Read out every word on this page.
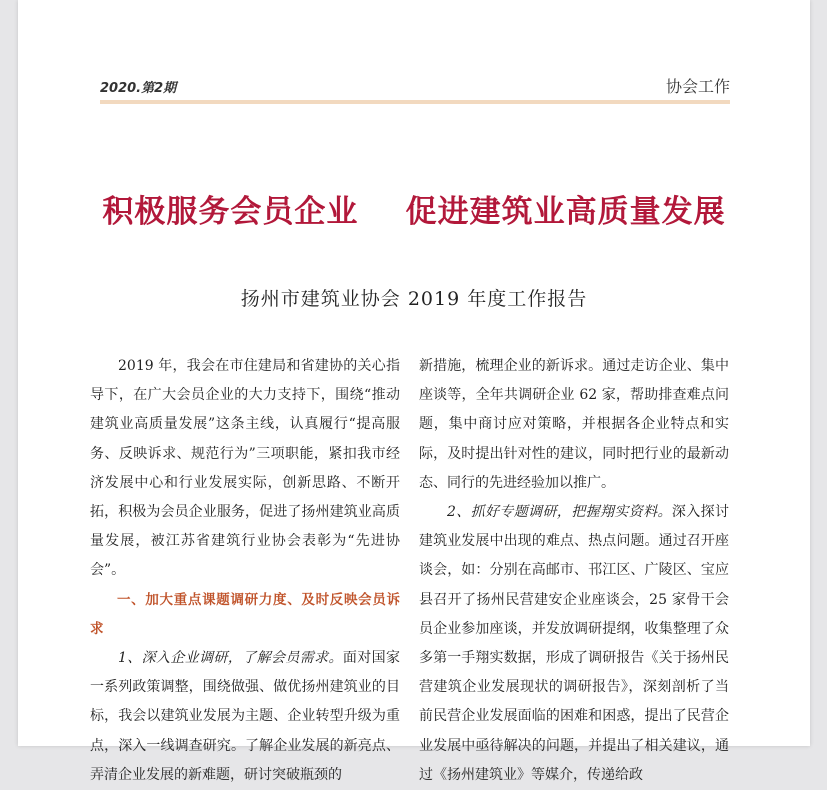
2020.第2期	协会工作
积极服务会员企业    促进建筑业高质量发展
扬州市建筑业协会 2019 年度工作报告

2019 年，我会在市住建局和省建协的关心指导下，在广大会员企业的大力支持下，围绕“推动建筑业高质量发展”这条主线，认真履行“提高服务、反映诉求、规范行为”三项职能，紧扣我市经济发展中心和行业发展实际，创新思路、不断开拓，积极为会员企业服务，促进了扬州建筑业高质量发展，被江苏省建筑行业协会表彰为“先进协会”。

一、加大重点课题调研力度、及时反映会员诉求

1、深入企业调研，了解会员需求。面对国家一系列政策调整，围绕做强、做优扬州建筑业的目标，我会以建筑业发展为主题、企业转型升级为重点，深入一线调查研究。了解企业发展的新亮点、弄清企业发展的新难题，研讨突破瓶颈的

新措施，梳理企业的新诉求。通过走访企业、集中座谈等，全年共调研企业 62 家，帮助排查难点问题，集中商讨应对策略，并根据各企业特点和实际，及时提出针对性的建议，同时把行业的最新动态、同行的先进经验加以推广。

2、抓好专题调研，把握翔实资料。深入探讨建筑业发展中出现的难点、热点问题。通过召开座谈会，如：分别在高邮市、邗江区、广陵区、宝应县召开了扬州民营建安企业座谈会，25 家骨干会员企业参加座谈，并发放调研提纲，收集整理了众多第一手翔实数据，形成了调研报告《关于扬州民营建筑企业发展现状的调研报告》，深刻剖析了当前民营企业发展面临的困难和困惑，提出了民营企业发展中亟待解决的问题，并提出了相关建议，通过《扬州建筑业》等媒介，传递给政
